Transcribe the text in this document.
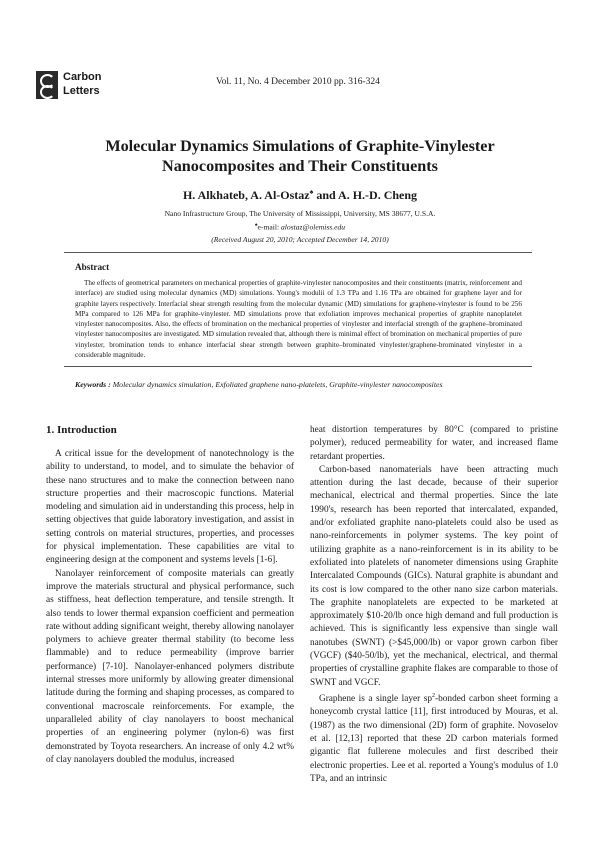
Carbon
Letters
Vol. 11, No. 4 December 2010 pp. 316-324
Molecular Dynamics Simulations of Graphite-Vinylester
Nanocomposites and Their Constituents
H. Alkhateb, A. Al-Ostaz♠ and A. H.-D. Cheng
Nano Infrastructure Group, The University of Mississippi, University, MS 38677, U.S.A.
♠e-mail: alostaz@olemiss.edu
(Received August 20, 2010; Accepted December 14, 2010)
Abstract
The effects of geometrical parameters on mechanical properties of graphite-vinylester nanocomposites and their constituents (matrix, reinforcement and interface) are studied using molecular dynamics (MD) simulations. Young's modulii of 1.3 TPa and 1.16 TPa are obtained for graphene layer and for graphite layers respectively. Interfacial shear strength resulting from the molecular dynamic (MD) simulations for graphene-vinylester is found to be 256 MPa compared to 126 MPa for graphite-vinylester. MD simulations prove that exfoliation improves mechanical properties of graphite nanoplatelet vinylester nanocomposites. Also, the effects of bromination on the mechanical properties of vinylester and interfacial strength of the graphene–brominated vinylester nanocomposites are investigated. MD simulation revealed that, although there is minimal effect of bromination on mechanical properties of pure vinylester, bromination tends to enhance interfacial shear strength between graphite–brominated vinylester/graphene-brominated vinylester in a considerable magnitude.
Keywords : Molecular dynamics simulation, Exfoliated graphene nano-platelets, Graphite-vinylester nanocomposites
1. Introduction

A critical issue for the development of nanotechnology is the ability to understand, to model, and to simulate the behavior of these nano structures and to make the connection between nano structure properties and their macroscopic functions. Material modeling and simulation aid in understanding this process, help in setting objectives that guide laboratory investigation, and assist in setting controls on material structures, properties, and processes for physical implementation. These capabilities are vital to engineering design at the component and systems levels [1-6].

Nanolayer reinforcement of composite materials can greatly improve the materials structural and physical performance, such as stiffness, heat deflection temperature, and tensile strength. It also tends to lower thermal expansion coefficient and permeation rate without adding significant weight, thereby allowing nanolayer polymers to achieve greater thermal stability (to become less flammable) and to reduce permeability (improve barrier performance) [7-10]. Nanolayer-enhanced polymers distribute internal stresses more uniformly by allowing greater dimensional latitude during the forming and shaping processes, as compared to conventional macroscale reinforcements. For example, the unparalleled ability of clay nanolayers to boost mechanical properties of an engineering polymer (nylon-6) was first demonstrated by Toyota researchers. An increase of only 4.2 wt% of clay nanolayers doubled the modulus, increased

heat distortion temperatures by 80°C (compared to pristine polymer), reduced permeability for water, and increased flame retardant properties.

Carbon-based nanomaterials have been attracting much attention during the last decade, because of their superior mechanical, electrical and thermal properties. Since the late 1990's, research has been reported that intercalated, expanded, and/or exfoliated graphite nano-platelets could also be used as nano-reinforcements in polymer systems. The key point of utilizing graphite as a nano-reinforcement is in its ability to be exfoliated into platelets of nanometer dimensions using Graphite Intercalated Compounds (GICs). Natural graphite is abundant and its cost is low compared to the other nano size carbon materials. The graphite nanoplatelets are expected to be marketed at approximately $10-20/lb once high demand and full production is achieved. This is significantly less expensive than single wall nanotubes (SWNT) (>$45,000/lb) or vapor grown carbon fiber (VGCF) ($40-50/lb), yet the mechanical, electrical, and thermal properties of crystalline graphite flakes are comparable to those of SWNT and VGCF.

Graphene is a single layer $sp^2$-bonded carbon sheet forming a honeycomb crystal lattice [11], first introduced by Mouras, et al. (1987) as the two dimensional (2D) form of graphite. Novoselov et al. [12,13] reported that these 2D carbon materials formed gigantic flat fullerene molecules and first described their electronic properties. Lee et al. reported a Young's modulus of 1.0 TPa, and an intrinsic
